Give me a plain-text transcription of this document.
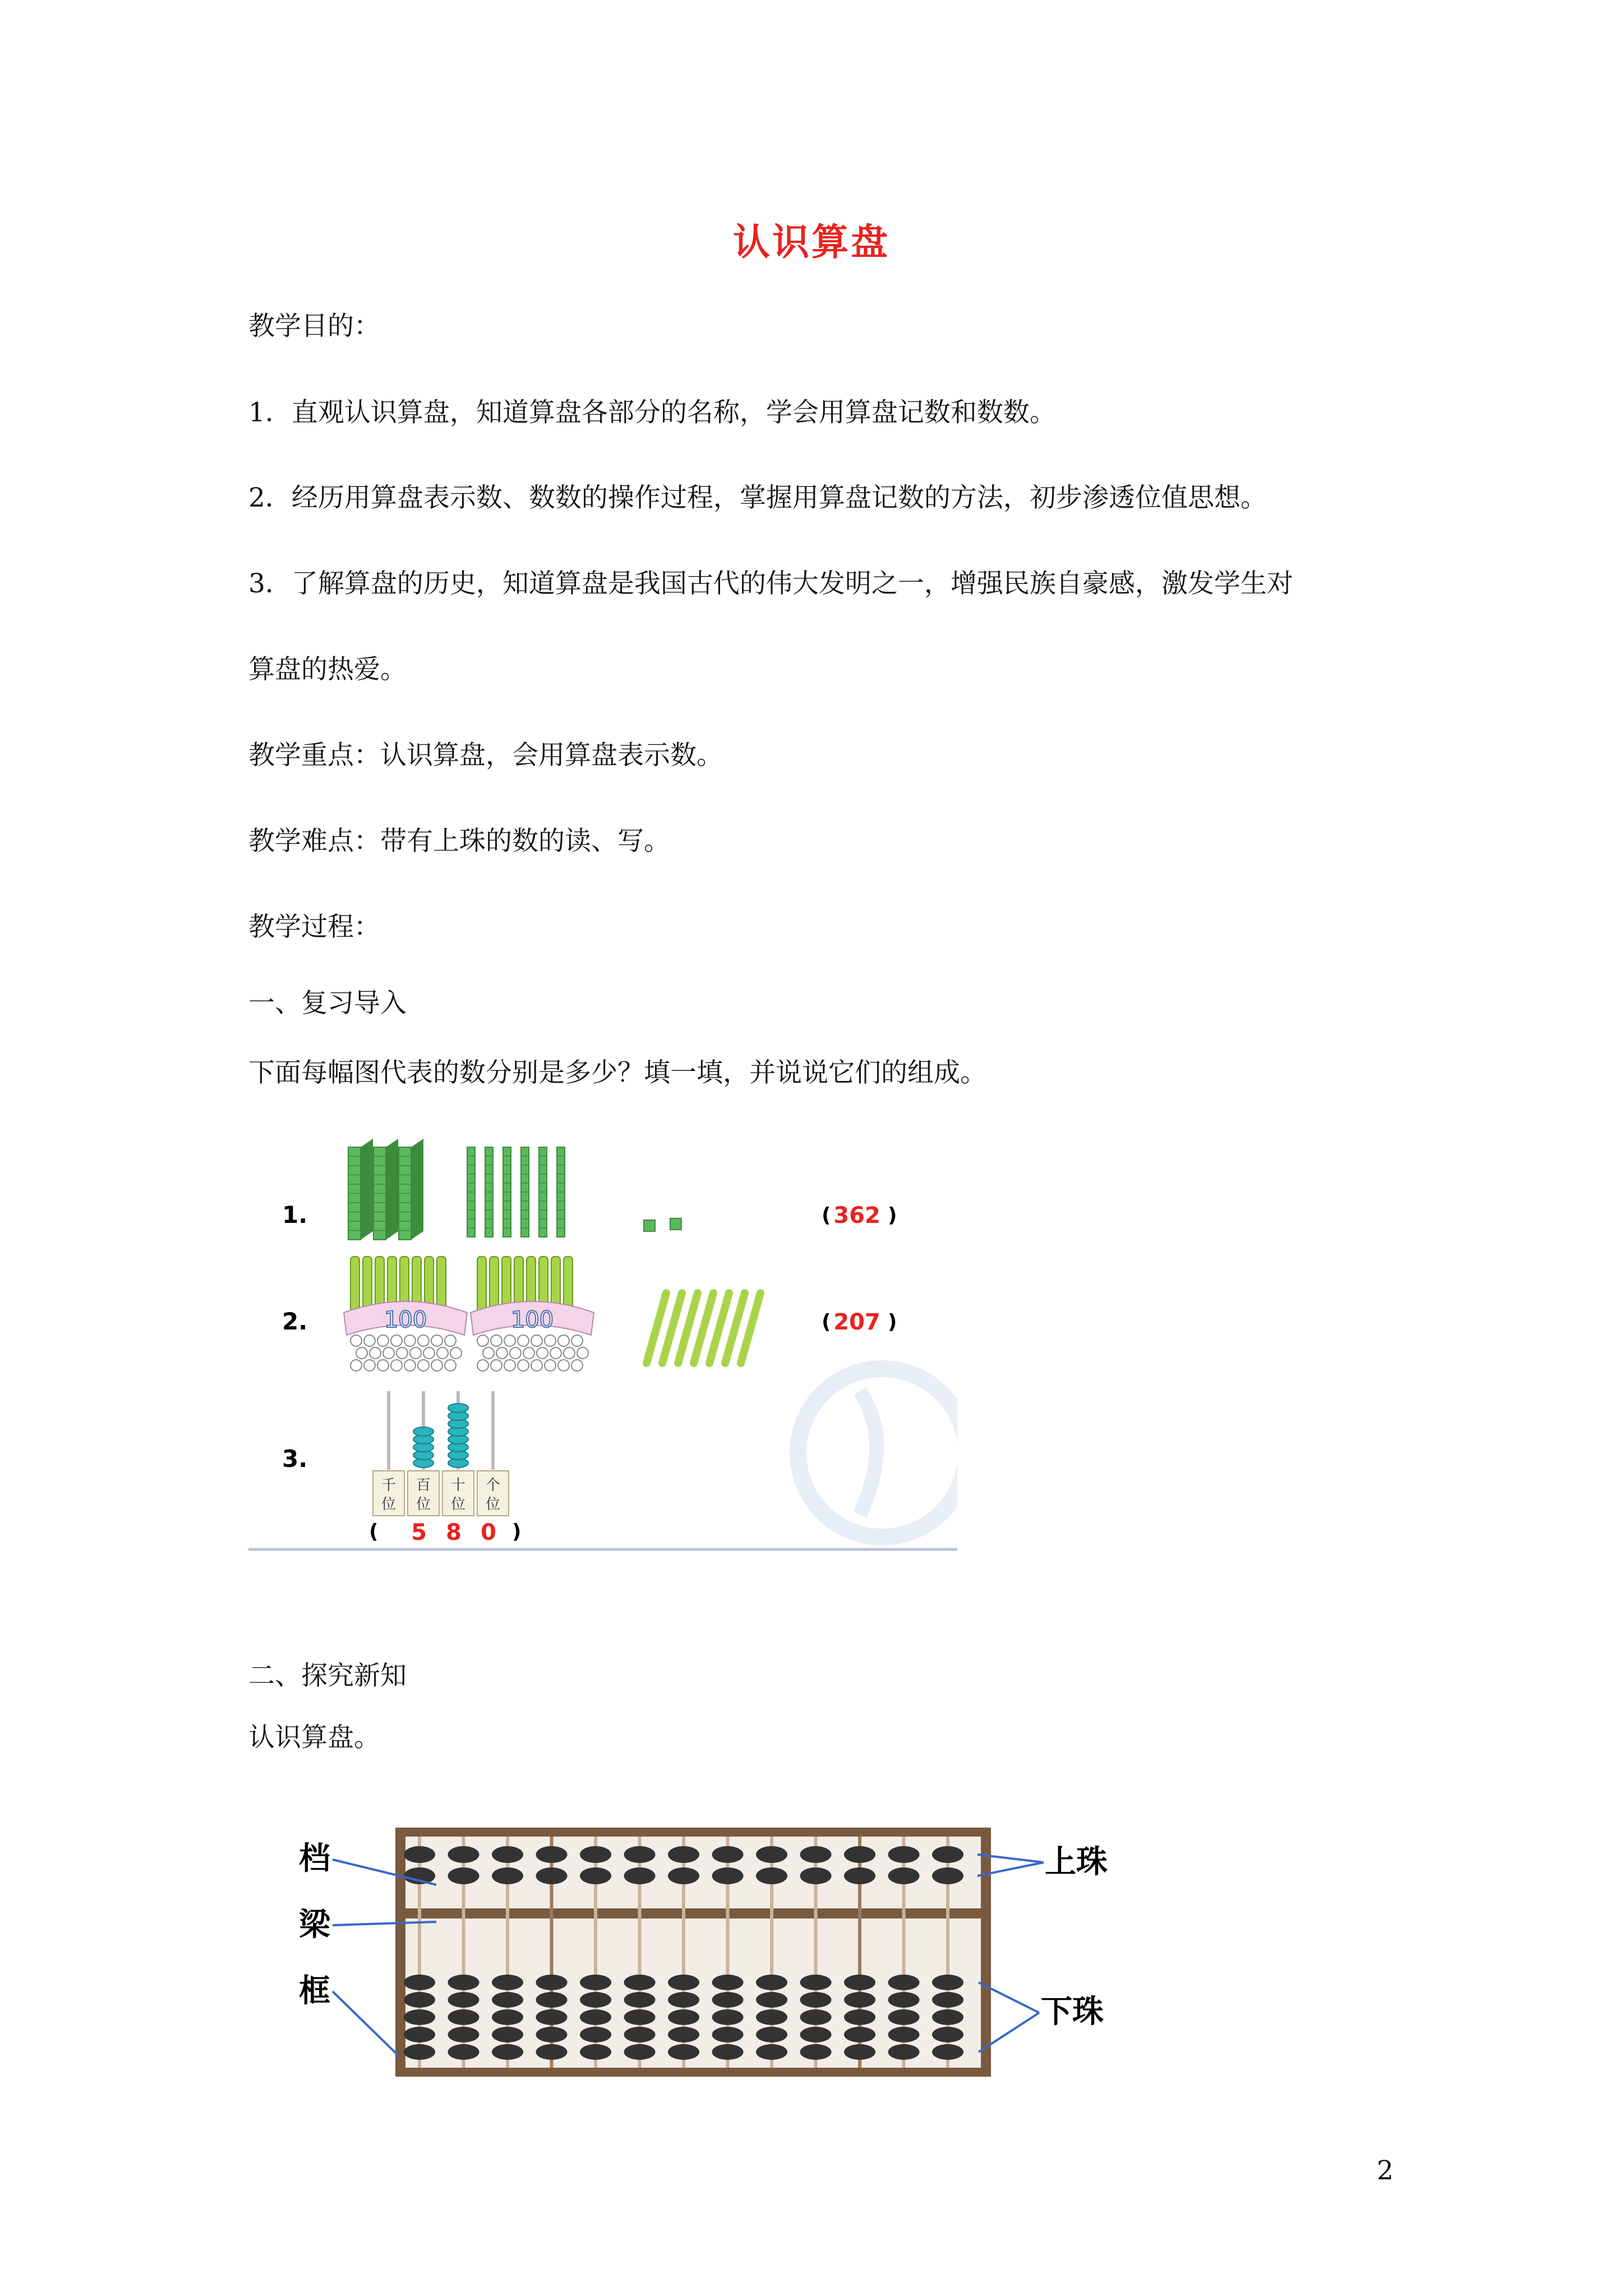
认识算盘
教学目的：
1．直观认识算盘，知道算盘各部分的名称，学会用算盘记数和数数。
2．经历用算盘表示数、数数的操作过程，掌握用算盘记数的方法，初步渗透位值思想。
3．了解算盘的历史，知道算盘是我国古代的伟大发明之一，增强民族自豪感，激发学生对
算盘的热爱。
教学重点：认识算盘，会用算盘表示数。
教学难点：带有上珠的数的读、写。
教学过程：
一、复习导入
下面每幅图代表的数分别是多少？填一填，并说说它们的组成。
1.	( 362 )
2.	100	100	( 207 )
3.
千
位
百
位
十
位
个
位
( 5 8 0 )
二、探究新知
认识算盘。
档
梁
框
上珠
下珠
2
